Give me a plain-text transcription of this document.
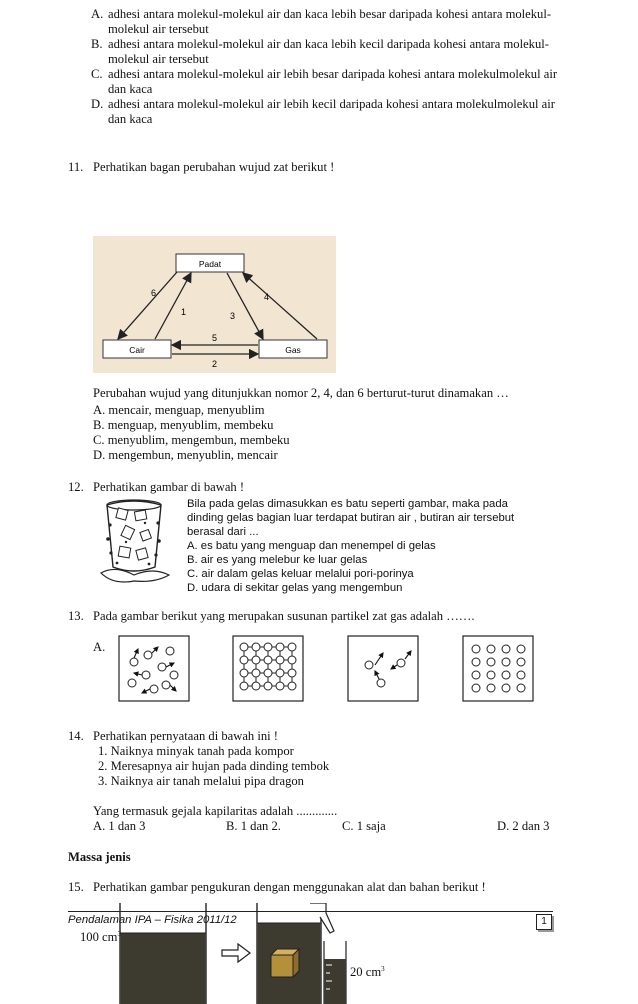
A. adhesi antara molekul-molekul air dan kaca lebih besar daripada kohesi antara molekul-
molekul air tersebut
B. adhesi antara molekul-molekul air dan kaca lebih kecil daripada kohesi antara molekul-
molekul air tersebut
C. adhesi antara molekul-molekul air lebih besar daripada kohesi antara molekulmolekul air
dan kaca
D. adhesi antara molekul-molekul air lebih kecil daripada kohesi antara molekulmolekul air
dan kaca
11. Perhatikan bagan perubahan wujud zat berikut !
Padat
Cair	Gas
6
1	3
4
5
2
Perubahan wujud yang ditunjukkan nomor 2, 4, dan 6 berturut-turut dinamakan …
A. mencair, menguap, menyublim
B. menguap, menyublim, membeku
C. menyublim, mengembun, membeku
D. mengembun, menyublin, mencair
12. Perhatikan gambar di bawah !
Bila pada gelas dimasukkan es batu seperti gambar, maka pada
dinding gelas bagian luar terdapat butiran air , butiran air tersebut
berasal dari ...
A. es batu yang menguap dan menempel di gelas
B. air es yang melebur ke luar gelas
C. air dalam gelas keluar melalui pori-porinya
D. udara di sekitar gelas yang mengembun
13. Pada gambar berikut yang merupakan susunan partikel zat gas adalah …….
A.
14. Perhatikan pernyataan di bawah ini !
1. Naiknya minyak tanah pada kompor
2. Meresapnya air hujan pada dinding tembok
3. Naiknya air tanah melalui pipa dragon
Yang termasuk gejala kapilaritas adalah .............
A. 1 dan 3	B. 1 dan 2.	C. 1 saja	D. 2 dan 3
Massa jenis
15. Perhatikan gambar pengukuran dengan menggunakan alat dan bahan berikut !
100 $cm^3$
20 $cm^3$
Pendalaman IPA – Fisika 2011/12	1
